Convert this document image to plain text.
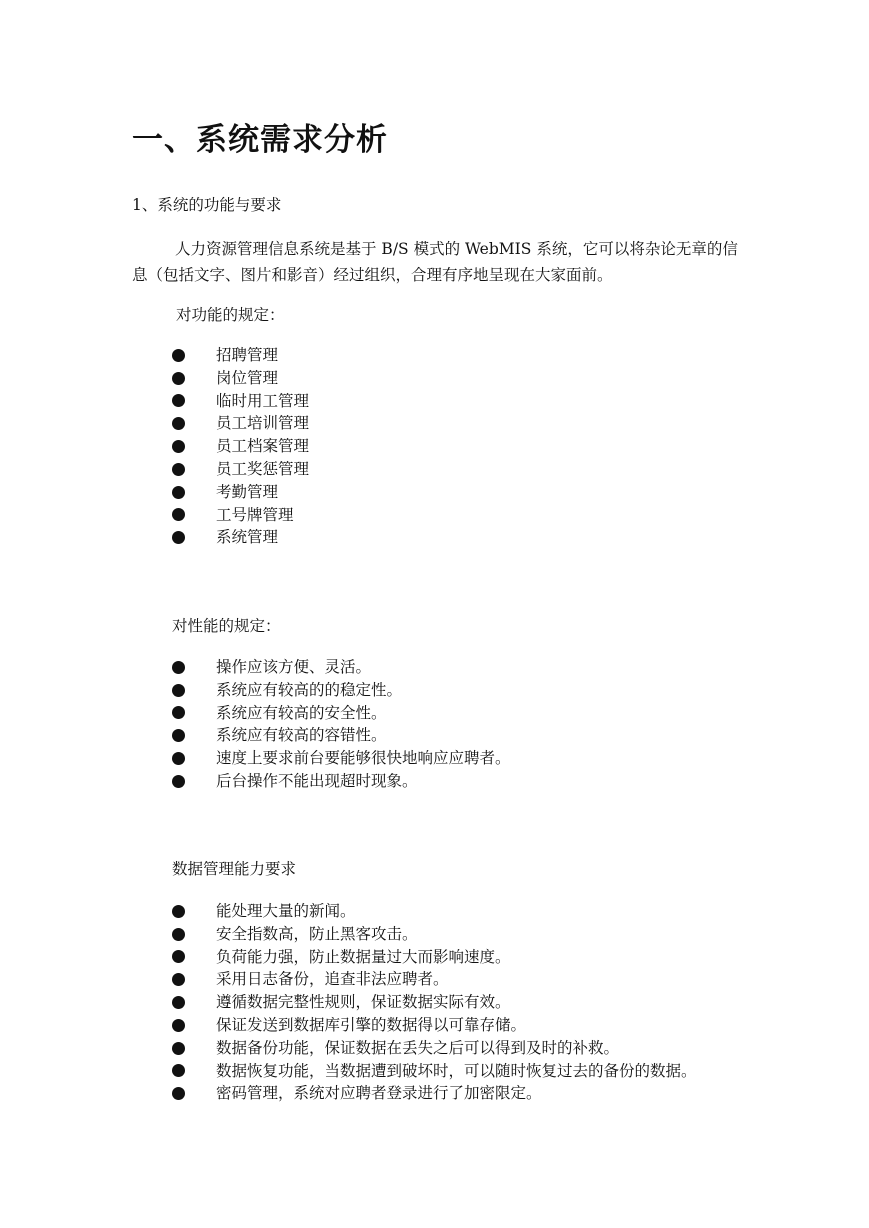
一、系统需求分析
1、系统的功能与要求
人力资源管理信息系统是基于 B/S 模式的 WebMIS 系统，它可以将杂论无章的信息（包括文字、图片和影音）经过组织，合理有序地呈现在大家面前。
对功能的规定：
招聘管理
岗位管理
临时用工管理
员工培训管理
员工档案管理
员工奖惩管理
考勤管理
工号牌管理
系统管理
对性能的规定：
操作应该方便、灵活。
系统应有较高的的稳定性。
系统应有较高的安全性。
系统应有较高的容错性。
速度上要求前台要能够很快地响应应聘者。
后台操作不能出现超时现象。
数据管理能力要求
能处理大量的新闻。
安全指数高，防止黑客攻击。
负荷能力强，防止数据量过大而影响速度。
采用日志备份，追查非法应聘者。
遵循数据完整性规则，保证数据实际有效。
保证发送到数据库引擎的数据得以可靠存储。
数据备份功能，保证数据在丢失之后可以得到及时的补救。
数据恢复功能，当数据遭到破坏时，可以随时恢复过去的备份的数据。
密码管理，系统对应聘者登录进行了加密限定。
